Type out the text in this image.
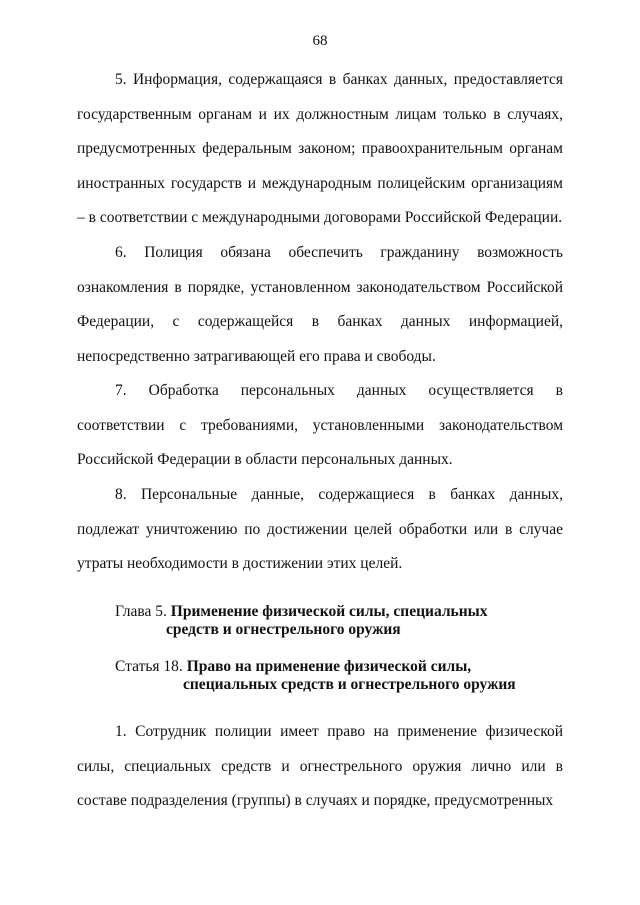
68

5. Информация, содержащаяся в банках данных, предоставляется государственным органам и их должностным лицам только в случаях, предусмотренных федеральным законом; правоохранительным органам иностранных государств и международным полицейским организациям – в соответствии с международными договорами Российской Федерации.

6. Полиция обязана обеспечить гражданину возможность ознакомления в порядке, установленном законодательством Российской Федерации, с содержащейся в банках данных информацией, непосредственно затрагивающей его права и свободы.

7. Обработка персональных данных осуществляется в соответствии с требованиями, установленными законодательством Российской Федерации в области персональных данных.

8. Персональные данные, содержащиеся в банках данных, подлежат уничтожению по достижении целей обработки или в случае утраты необходимости в достижении этих целей.

Глава 5. Применение физической силы, специальных
средств и огнестрельного оружия
Статья 18. Право на применение физической силы,
специальных средств и огнестрельного оружия

1. Сотрудник полиции имеет право на применение физической силы, специальных средств и огнестрельного оружия лично или в составе подразделения (группы) в случаях и порядке, предусмотренных
